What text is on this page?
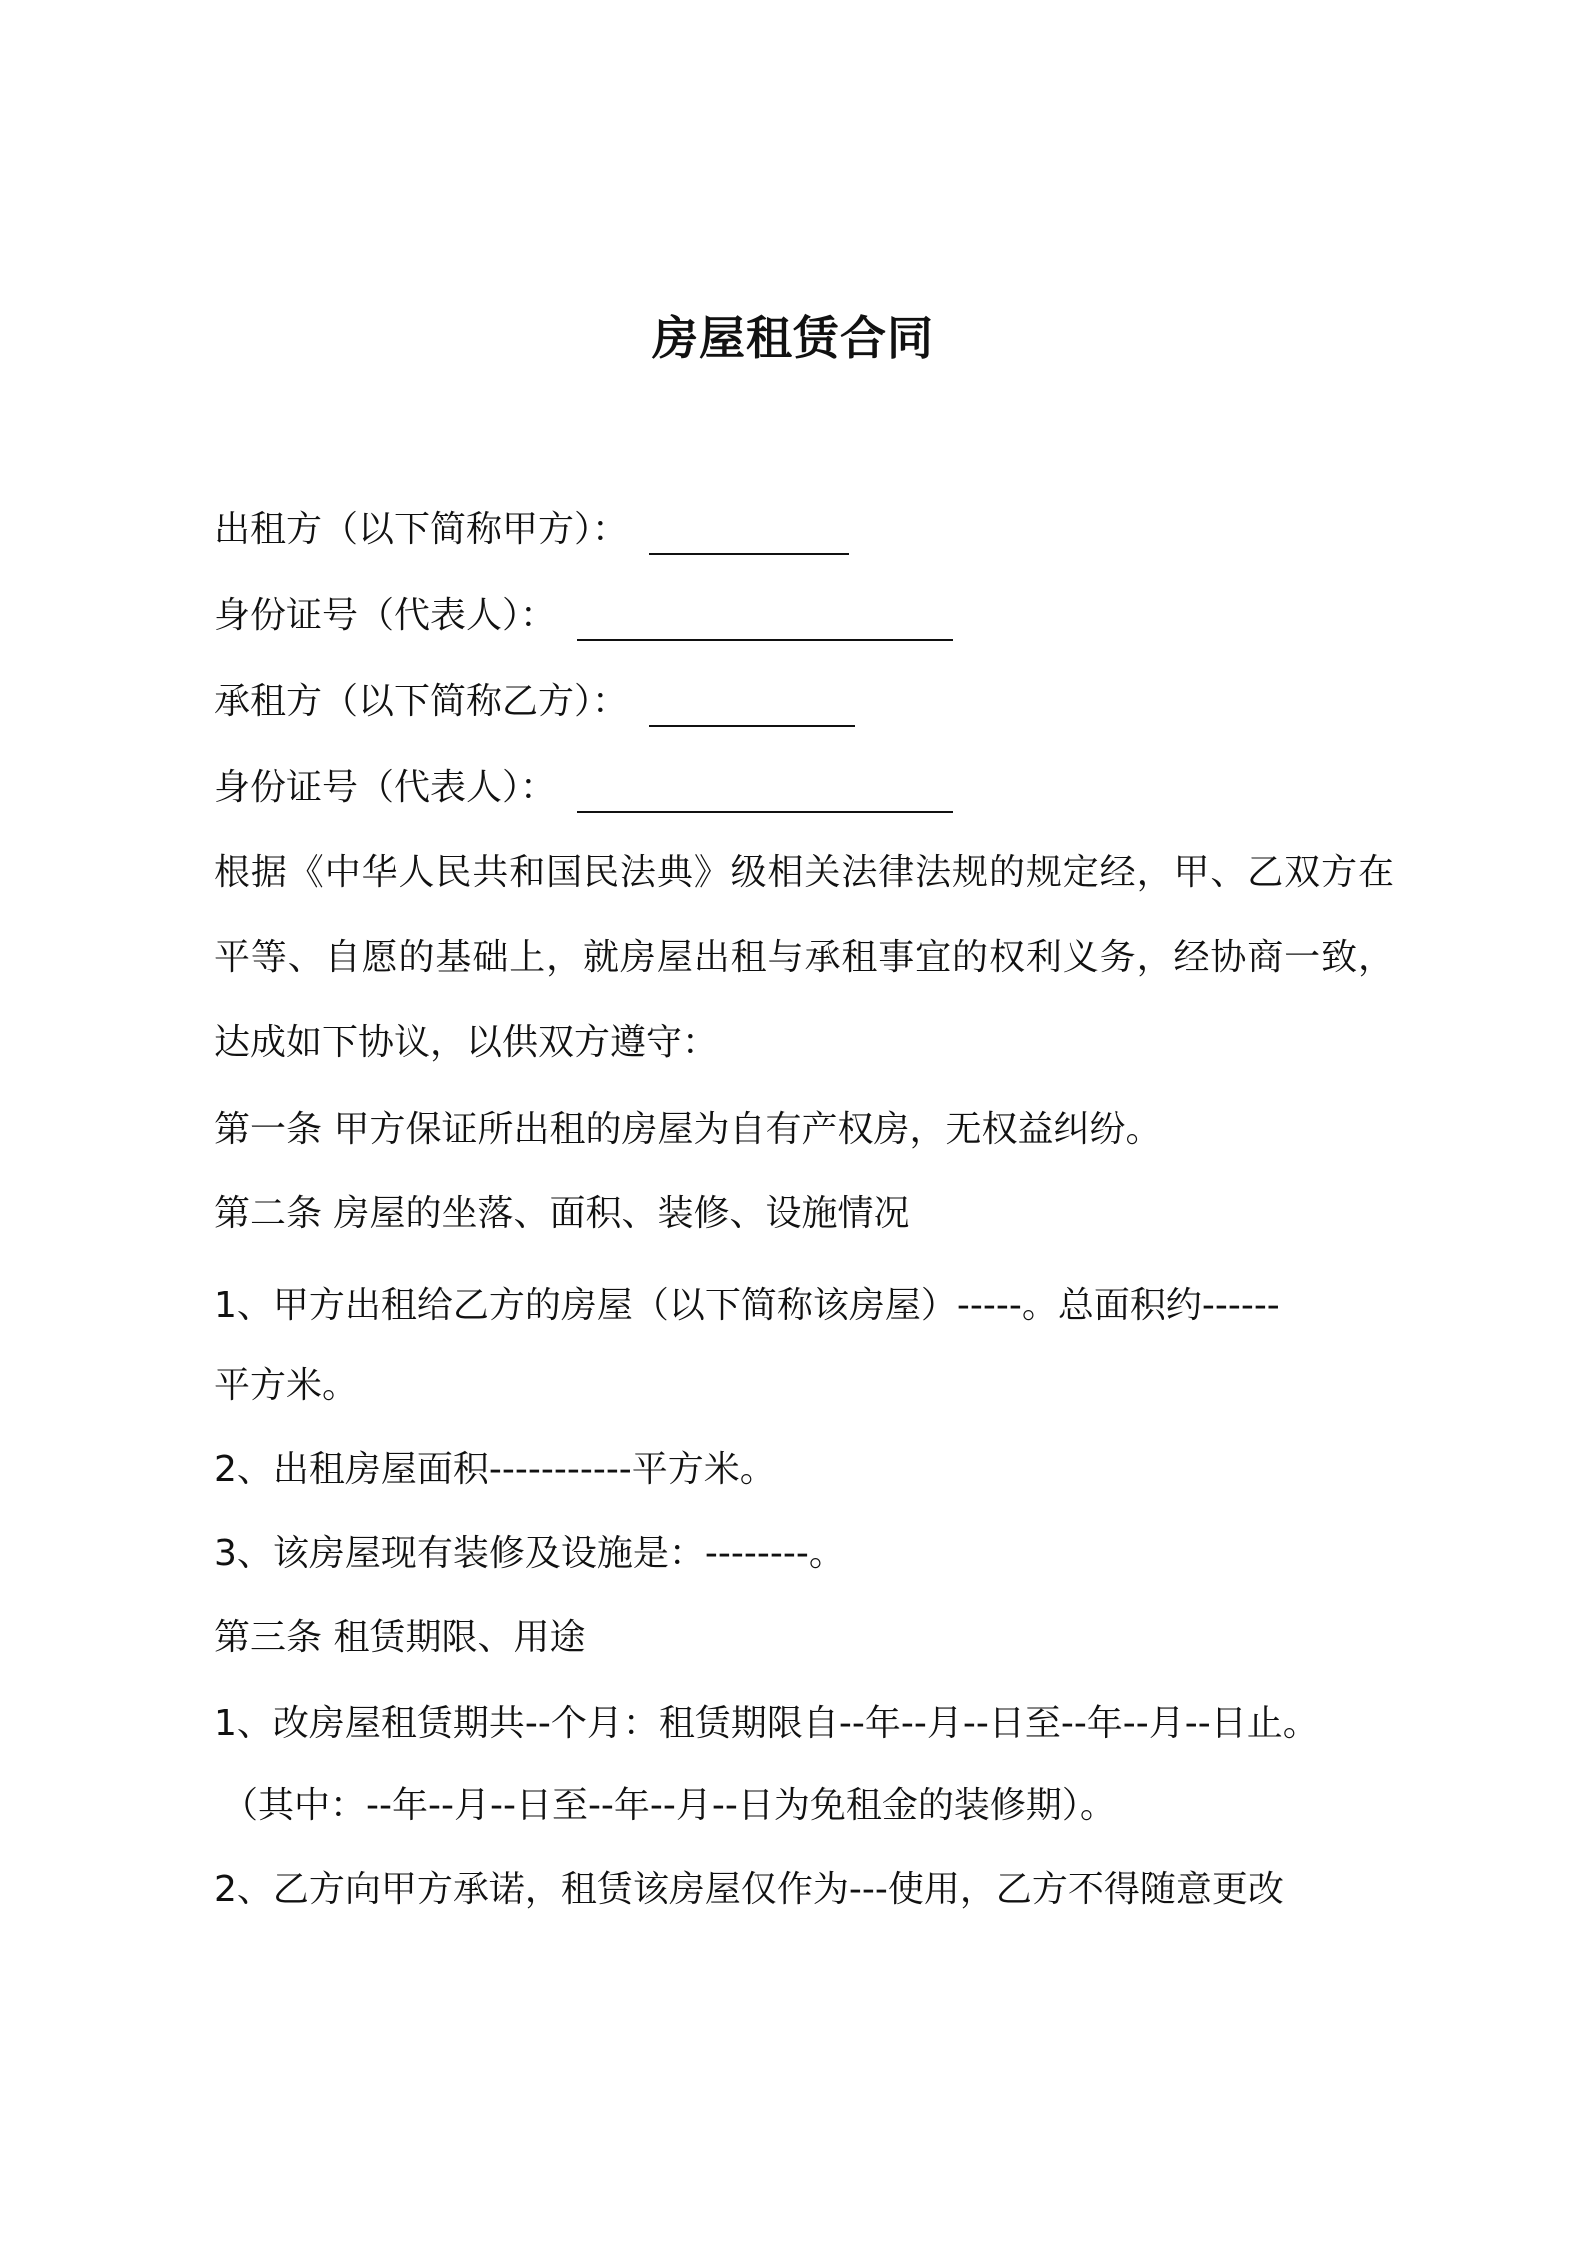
房屋租赁合同
出租方（以下简称甲方）：
身份证号（代表人）：
承租方（以下简称乙方）：
身份证号（代表人）：
根据《中华人民共和国民法典》级相关法律法规的规定经，甲、乙双方在平等、自愿的基础上，就房屋出租与承租事宜的权利义务，经协商一致，达成如下协议，以供双方遵守：
第一条 甲方保证所出租的房屋为自有产权房，无权益纠纷。
第二条 房屋的坐落、面积、装修、设施情况
1、甲方出租给乙方的房屋（以下简称该房屋）-----。总面积约------
平方米。
2、出租房屋面积-----------平方米。
3、该房屋现有装修及设施是：--------。
第三条 租赁期限、用途
1、改房屋租赁期共--个月：租赁期限自--年--月--日至--年--月--日止。
（其中：--年--月--日至--年--月--日为免租金的装修期）。
2、乙方向甲方承诺，租赁该房屋仅作为---使用，乙方不得随意更改
